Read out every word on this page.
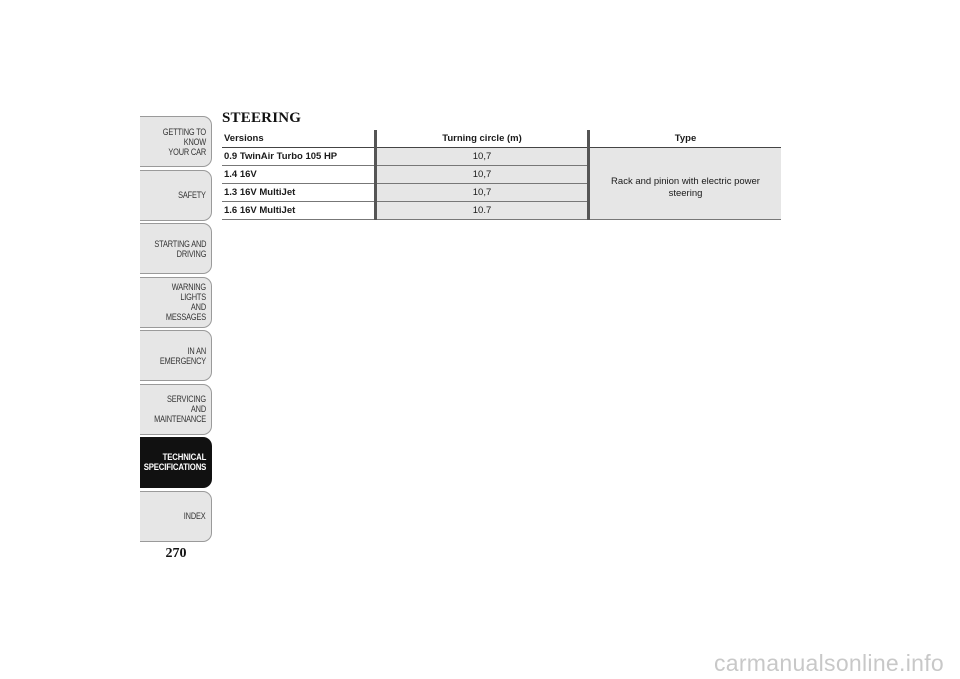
GETTING TO KNOW
YOUR CAR
SAFETY
STARTING AND
DRIVING
WARNING LIGHTS
AND MESSAGES
IN AN EMERGENCY
SERVICING AND
MAINTENANCE
TECHNICAL
SPECIFICATIONS
INDEX
270
STEERING
Versions	Turning circle (m)	Type
0.9 TwinAir Turbo 105 HP	10,7	Rack and pinion with electric power steering
1.4 16V	10,7	
1.3 16V MultiJet	10,7	
1.6 16V MultiJet	10.7	
carmanualsonline.info
